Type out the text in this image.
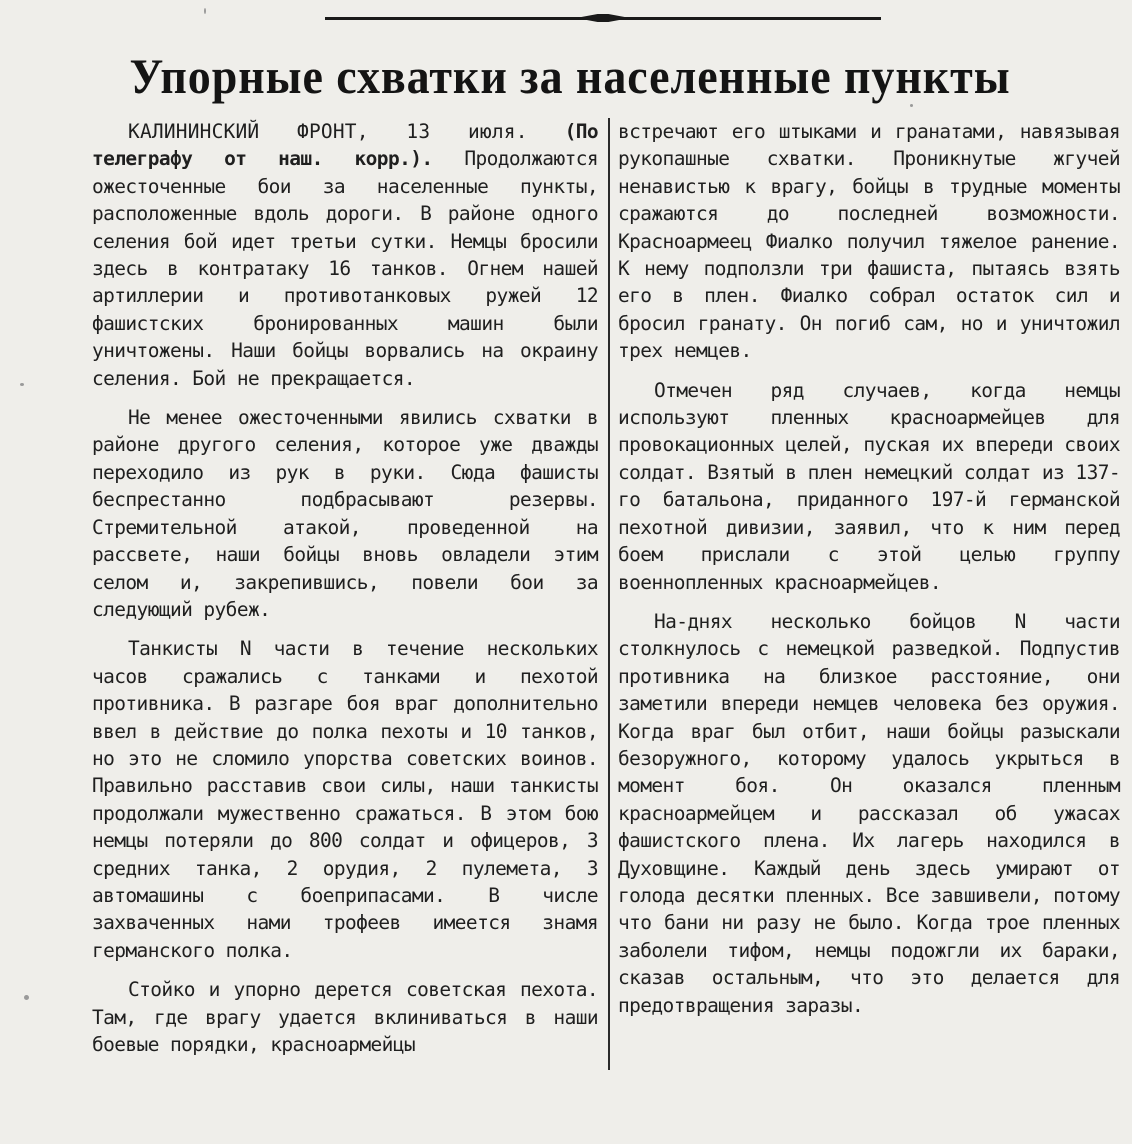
Упорные схватки за населенные пункты

КАЛИНИНСКИЙ ФРОНТ, 13 июля. (По телеграфу от наш. корр.). Продолжаются ожесточенные бои за населенные пункты, расположенные вдоль дороги. В районе одного селения бой идет третьи сутки. Немцы бросили здесь в контратаку 16 танков. Огнем нашей артиллерии и противотанковых ружей 12 фашистских бронированных машин были уничтожены. Наши бойцы ворвались на окраину селения. Бой не прекращается.

Не менее ожесточенными явились схватки в районе другого селения, которое уже дважды переходило из рук в руки. Сюда фашисты беспрестанно подбрасывают резервы. Стремительной атакой, проведенной на рассвете, наши бойцы вновь овладели этим селом и, закрепившись, повели бои за следующий рубеж.

Танкисты N части в течение нескольких часов сражались с танками и пехотой противника. В разгаре боя враг дополнительно ввел в действие до полка пехоты и 10 танков, но это не сломило упорства советских воинов. Правильно расставив свои силы, наши танкисты продолжали мужественно сражаться. В этом бою немцы потеряли до 800 солдат и офицеров, 3 средних танка, 2 орудия, 2 пулемета, 3 автомашины с боеприпасами. В числе захваченных нами трофеев имеется знамя германского полка.

Стойко и упорно дерется советская пехота. Там, где врагу удается вклиниваться в наши боевые порядки, красноармейцы

встречают его штыками и гранатами, навязывая рукопашные схватки. Проникнутые жгучей ненавистью к врагу, бойцы в трудные моменты сражаются до последней возможности. Красноармеец Фиалко получил тяжелое ранение. К нему подползли три фашиста, пытаясь взять его в плен. Фиалко собрал остаток сил и бросил гранату. Он погиб сам, но и уничтожил трех немцев.

Отмечен ряд случаев, когда немцы используют пленных красноармейцев для провокационных целей, пуская их впереди своих солдат. Взятый в плен немецкий солдат из 137-го батальона, приданного 197-й германской пехотной дивизии, заявил, что к ним перед боем прислали с этой целью группу военнопленных красноармейцев.

На-днях несколько бойцов N части столкнулось с немецкой разведкой. Подпустив противника на близкое расстояние, они заметили впереди немцев человека без оружия. Когда враг был отбит, наши бойцы разыскали безоружного, которому удалось укрыться в момент боя. Он оказался пленным красноармейцем и рассказал об ужасах фашистского плена. Их лагерь находился в Духовщине. Каждый день здесь умирают от голода десятки пленных. Все завшивели, потому что бани ни разу не было. Когда трое пленных заболели тифом, немцы подожгли их бараки, сказав остальным, что это делается для предотвращения заразы.
